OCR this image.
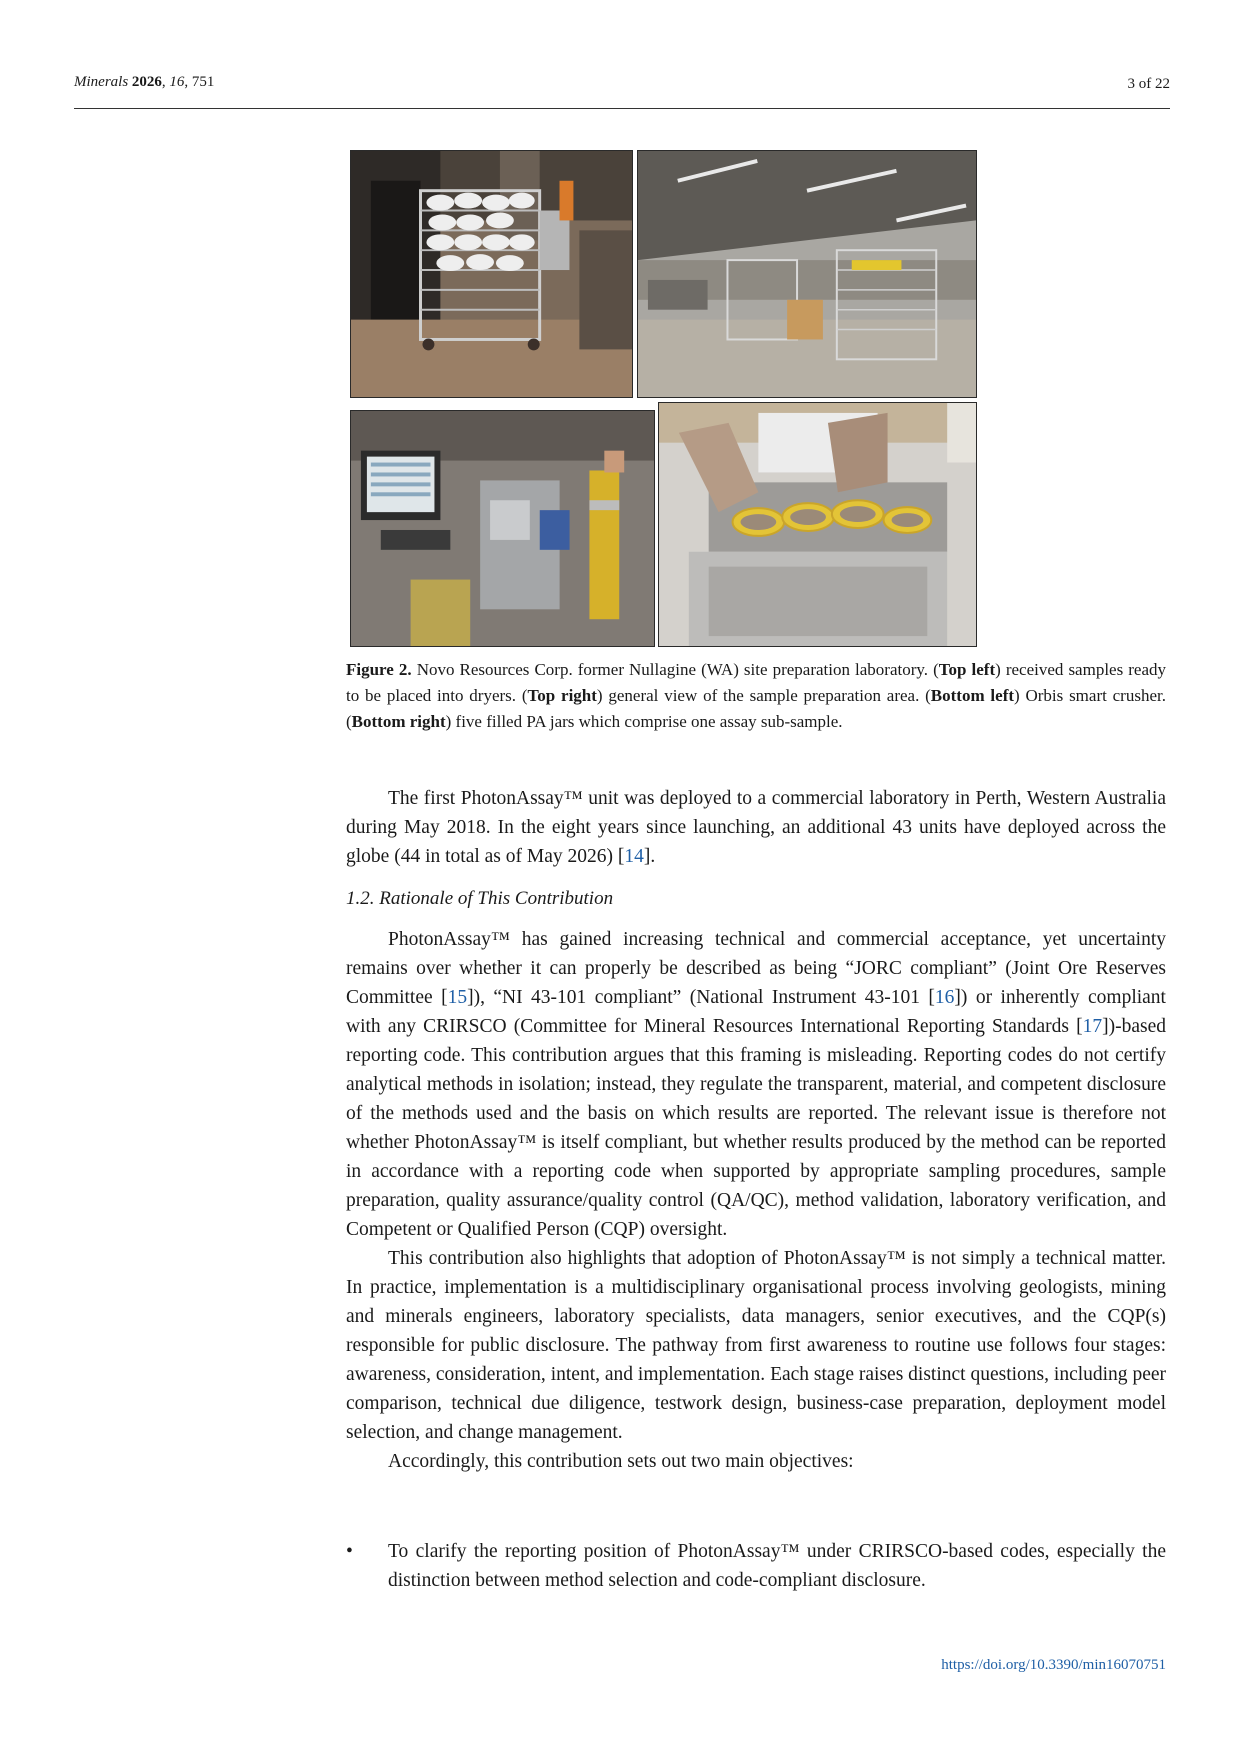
Minerals 2026, 16, 751	3 of 22
Figure 2. Novo Resources Corp. former Nullagine (WA) site preparation laboratory. (Top left) received samples ready to be placed into dryers. (Top right) general view of the sample preparation area. (Bottom left) Orbis smart crusher. (Bottom right) five filled PA jars which comprise one assay sub-sample.

The first PhotonAssay™ unit was deployed to a commercial laboratory in Perth, Western Australia during May 2018. In the eight years since launching, an additional 43 units have deployed across the globe (44 in total as of May 2026) [14].

1.2. Rationale of This Contribution

PhotonAssay™ has gained increasing technical and commercial acceptance, yet uncertainty remains over whether it can properly be described as being “JORC compliant” (Joint Ore Reserves Committee [15]), “NI 43-101 compliant” (National Instrument 43-101 [16]) or inherently compliant with any CRIRSCO (Committee for Mineral Resources International Reporting Standards [17])-based reporting code. This contribution argues that this framing is misleading. Reporting codes do not certify analytical methods in isolation; instead, they regulate the transparent, material, and competent disclosure of the methods used and the basis on which results are reported. The relevant issue is therefore not whether PhotonAssay™ is itself compliant, but whether results produced by the method can be reported in accordance with a reporting code when supported by appropriate sampling procedures, sample preparation, quality assurance/quality control (QA/QC), method validation, laboratory verification, and Competent or Qualified Person (CQP) oversight.

This contribution also highlights that adoption of PhotonAssay™ is not simply a technical matter. In practice, implementation is a multidisciplinary organisational process involving geologists, mining and minerals engineers, laboratory specialists, data managers, senior executives, and the CQP(s) responsible for public disclosure. The pathway from first awareness to routine use follows four stages: awareness, consideration, intent, and implementation. Each stage raises distinct questions, including peer comparison, technical due diligence, testwork design, business-case preparation, deployment model selection, and change management.

Accordingly, this contribution sets out two main objectives:

• To clarify the reporting position of PhotonAssay™ under CRIRSCO-based codes, especially the distinction between method selection and code-compliant disclosure.
https://doi.org/10.3390/min16070751
